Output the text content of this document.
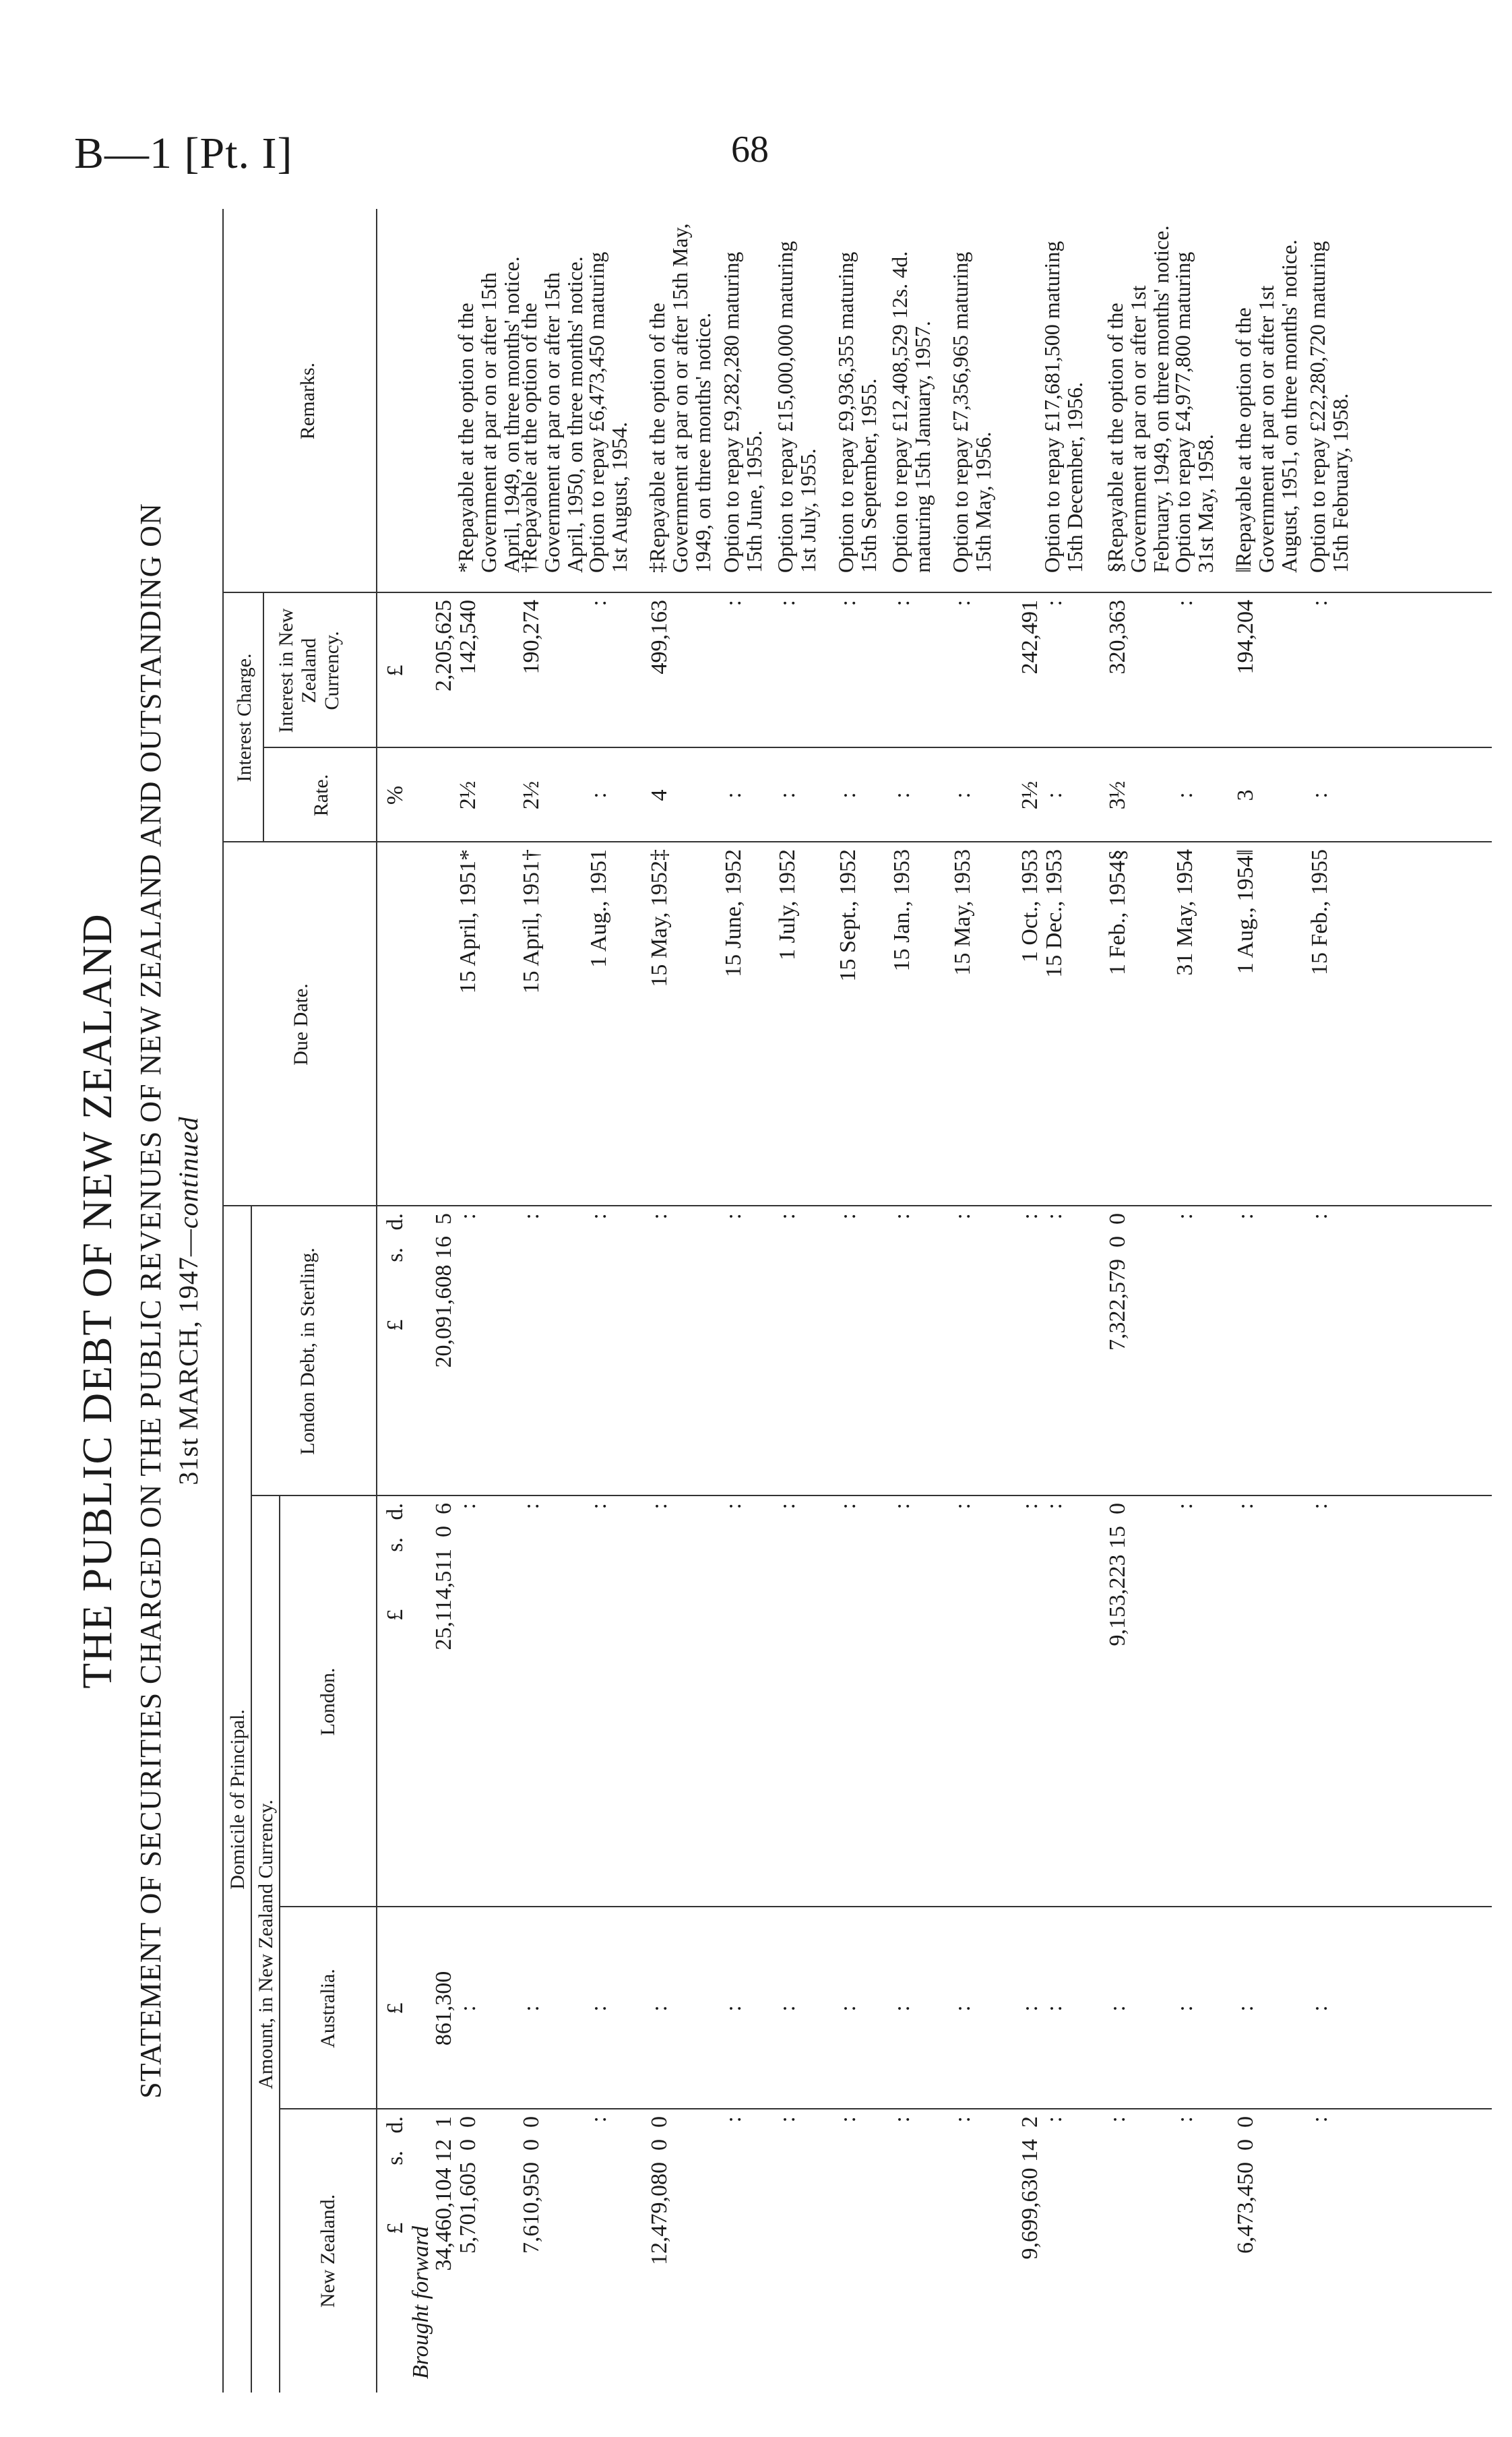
B—1 [Pt. I]	68
THE PUBLIC DEBT OF NEW ZEALAND STATEMENT OF SECURITIES CHARGED ON THE PUBLIC REVENUES OF NEW ZEALAND AND OUTSTANDING ON 31st MARCH, 1947—continued
Domicile of Principal.
Amount, in New Zealand Currency.
New Zealand.
Australia.
London.
London Debt, in Sterling.
Due Date.
Interest Charge.
Rate.
Interest in New Zealand Currency.
Remarks.
£          s.   d.
£
£          s.   d.
£          s.   d.
%
£
Brought forward
34,460,104 12  1
861,300
25,114,511  0  6
20,091,608 16  5
2,205,625
5,701,605  0  0
:
:
:
15 April, 1951*
2½
142,540
*Repayable at the option of the Government at par on or after 15th April, 1949, on three months' notice.
7,610,950  0  0
:
:
:
15 April, 1951†
2½
190,274
†Repayable at the option of the Government at par on or after 15th April, 1950, on three months' notice.
:
:
:
:
1 Aug., 1951
:
:
Option to repay £6,473,450 maturing 1st August, 1954.
12,479,080  0  0
:
:
:
15 May, 1952‡
4
499,163
‡Repayable at the option of the Government at par on or after 15th May, 1949, on three months' notice.
:
:
:
:
15 June, 1952
:
:
Option to repay £9,282,280 maturing 15th June, 1955.
:
:
:
:
1 July, 1952
:
:
Option to repay £15,000,000 maturing 1st July, 1955.
:
:
:
:
15 Sept., 1952
:
:
Option to repay £9,936,355 maturing 15th September, 1955.
:
:
:
:
15 Jan., 1953
:
:
Option to repay £12,408,529 12s. 4d. maturing 15th January, 1957.
:
:
:
:
15 May, 1953
:
:
Option to repay £7,356,965 maturing 15th May, 1956.
9,699,630 14  2
:
:
:
1 Oct., 1953
2½
242,491
:
:
:
:
15 Dec., 1953
:
:
Option to repay £17,681,500 maturing 15th December, 1956.
:
:
9,153,223 15  0
7,322,579  0  0
1 Feb., 1954§
3½
320,363
§Repayable at the option of the Government at par on or after 1st February, 1949, on three months' notice.
:
:
:
:
31 May, 1954
:
:
Option to repay £4,977,800 maturing 31st May, 1958.
6,473,450  0  0
:
:
:
1 Aug., 1954‖
3
194,204
‖Repayable at the option of the Government at par on or after 1st August, 1951, on three months' notice.
:
:
:
:
15 Feb., 1955
:
:
Option to repay £22,280,720 maturing 15th February, 1958.
